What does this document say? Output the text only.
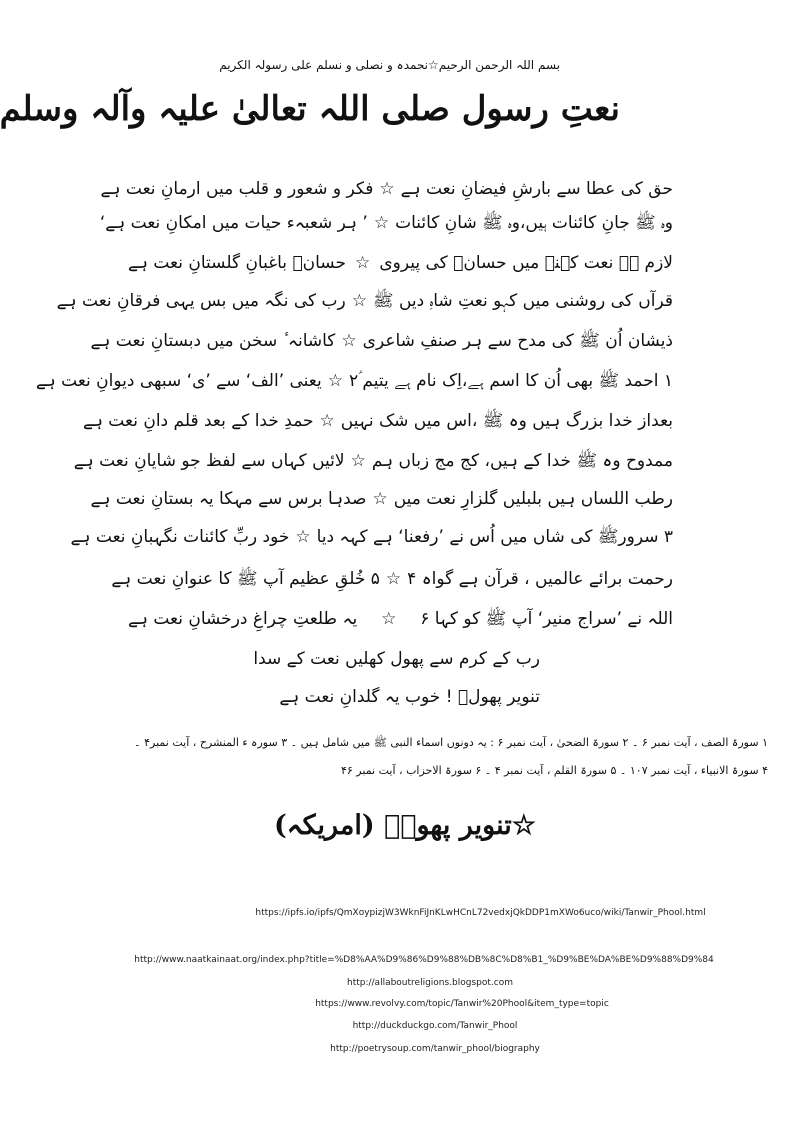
بسم اللہ الرحمن الرحیم☆نحمدہ و نصلی و نسلم علی رسولہ الکریم
نعتِ رسول صلی اللہ تعالیٰ علیہ وآلہ وسلم
حق کی عطا سے بارشِ فیضانِ نعت ہے
☆
فکر و شعور و قلب میں ارمانِ نعت ہے
وہ ﷺ جانِ کائنات ہیں،وہ ﷺ شانِ کائنات
☆
’ ہر شعبہء حیات میں امکانِ نعت ہے‘
لازم ہے نعت کہنے میں حسانؓ کی پیروی
☆
حسانؓ باغبانِ گلستانِ نعت ہے
قرآں کی روشنی میں کہو نعتِ شاہِ دیں ﷺ
☆
رب کی نگہ میں بس یہی فرقانِ نعت ہے
ذیشان اُن ﷺ کی مدح سے ہر صنفِ شاعری
☆
کاشانہ ٔ سخن میں دبستانِ نعت ہے
۱ احمد ﷺ بھی اُن کا اسم ہے،اِک نام ہے یتیم ؑ۲
☆
یعنی ’الف‘ سے ’ی‘ سبھی دیوانِ نعت ہے
بعداز خدا بزرگ ہیں وہ ﷺ ،اس میں شک نہیں
☆
حمدِ خدا کے بعد قلم دانِ نعت ہے
ممدوح وہ ﷺ خدا کے ہیں، کج مج زباں ہم
☆
لائیں کہاں سے لفظ جو شایانِ نعت ہے
رطب اللساں ہیں بلبلیں گلزارِ نعت میں
☆
صدہا برس سے مہکا یہ بستانِ نعت ہے
۳ سرورﷺ کی شاں میں اُس نے ’رفعنا‘ ہے کہہ دیا
☆
خود ربِّ کائنات نگہبانِ نعت ہے
رحمت برائے عالمیں ، قرآن ہے گواہ ۴
☆
۵ خُلقِ عظیم آپ ﷺ کا عنوانِ نعت ہے
اللہ نے ’سراج منیر‘ آپ ﷺ کو کہا ۶
☆
یہ طلعتِ چراغِ درخشانِ نعت ہے
رب کے کرم سے پھول کھلیں نعت کے سدا
تنویر پھولؔ ! خوب یہ گلدانِ نعت ہے
۱ سورۃ الصف ، آیت نمبر ۶ ۔ ۲ سورۃ الضحیٰ ، آیت نمبر ۶ : یہ دونوں اسماء النبی ﷺ میں شامل ہیں ۔ ۳ سورہ ء المنشرح ، آیت نمبر۴ ۔
۴ سورۃ الانبیاء ، آیت نمبر ۱۰۷ ۔ ۵ سورۃ القلم ، آیت نمبر ۴ ۔ ۶ سورۃ الاحزاب ، آیت نمبر ۴۶
☆تنویر پھولؔ (امریکہ)
https://ipfs.io/ipfs/QmXoypizjW3WknFiJnKLwHCnL72vedxjQkDDP1mXWo6uco/wiki/Tanwir_Phool.html
http://www.naatkainaat.org/index.php?title=%D8%AA%D9%86%D9%88%DB%8C%D8%B1_%D9%BE%DA%BE%D9%88%D9%84
http://allaboutreligions.blogspot.com
https://www.revolvy.com/topic/Tanwir%20Phool&item_type=topic
http://duckduckgo.com/Tanwir_Phool
http://poetrysoup.com/tanwir_phool/biography
